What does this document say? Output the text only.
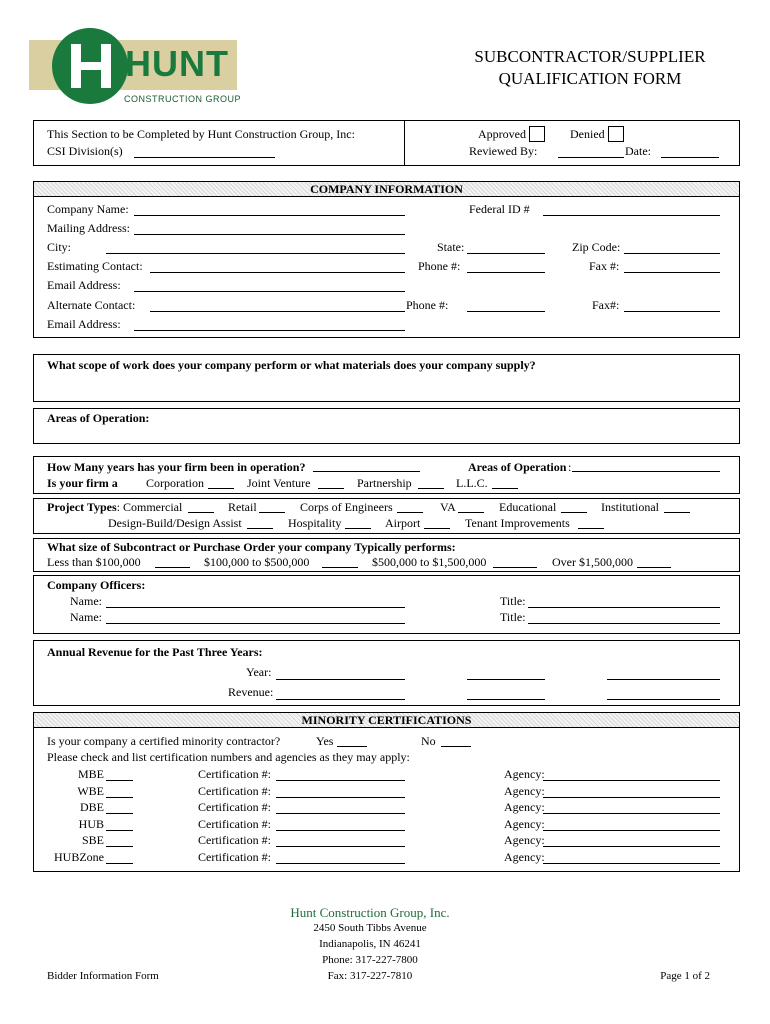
HUNT
CONSTRUCTION GROUP
SUBCONTRACTOR/SUPPLIER
QUALIFICATION FORM
This Section to be Completed by Hunt Construction Group, Inc:
CSI Division(s)
Approved	Denied
Reviewed By:	Date:
COMPANY INFORMATION
Company Name:	Federal ID #
Mailing Address:
City:	State:	Zip Code:
Estimating Contact:	Phone #:	Fax #:
Email Address:
Alternate Contact:	Phone #:	Fax#:
Email Address:
What scope of work does your company perform or what materials does your company supply?
Areas of Operation:
How Many years has your firm been in operation?	Areas of Operation :
Is your firm a Corporation	Joint Venture	Partnership	L.L.C.
Project Types: Commercial	Retail	Corps of Engineers	VA	Educational	Institutional
Design-Build/Design Assist	Hospitality	Airport	Tenant Improvements
What size of Subcontract or Purchase Order your company Typically performs:
Less than $100,000	$100,000 to $500,000	$500,000 to $1,500,000	Over $1,500,000
Company Officers:
Name:	Title:
Name:	Title:
Annual Revenue for the Past Three Years:
Year:
Revenue:
MINORITY CERTIFICATIONS
Is your company a certified minority contractor?	Yes	No
Please check and list certification numbers and agencies as they may apply:
MBE	Certification #:	Agency:
WBE	Certification #:	Agency:
DBE	Certification #:	Agency:
HUB	Certification #:	Agency:
SBE	Certification #:	Agency:
HUBZone	Certification #:	Agency:
Hunt Construction Group, Inc.
2450 South Tibbs Avenue
Indianapolis, IN 46241
Phone: 317-227-7800
Fax: 317-227-7810
Bidder Information Form	Page 1 of 2
